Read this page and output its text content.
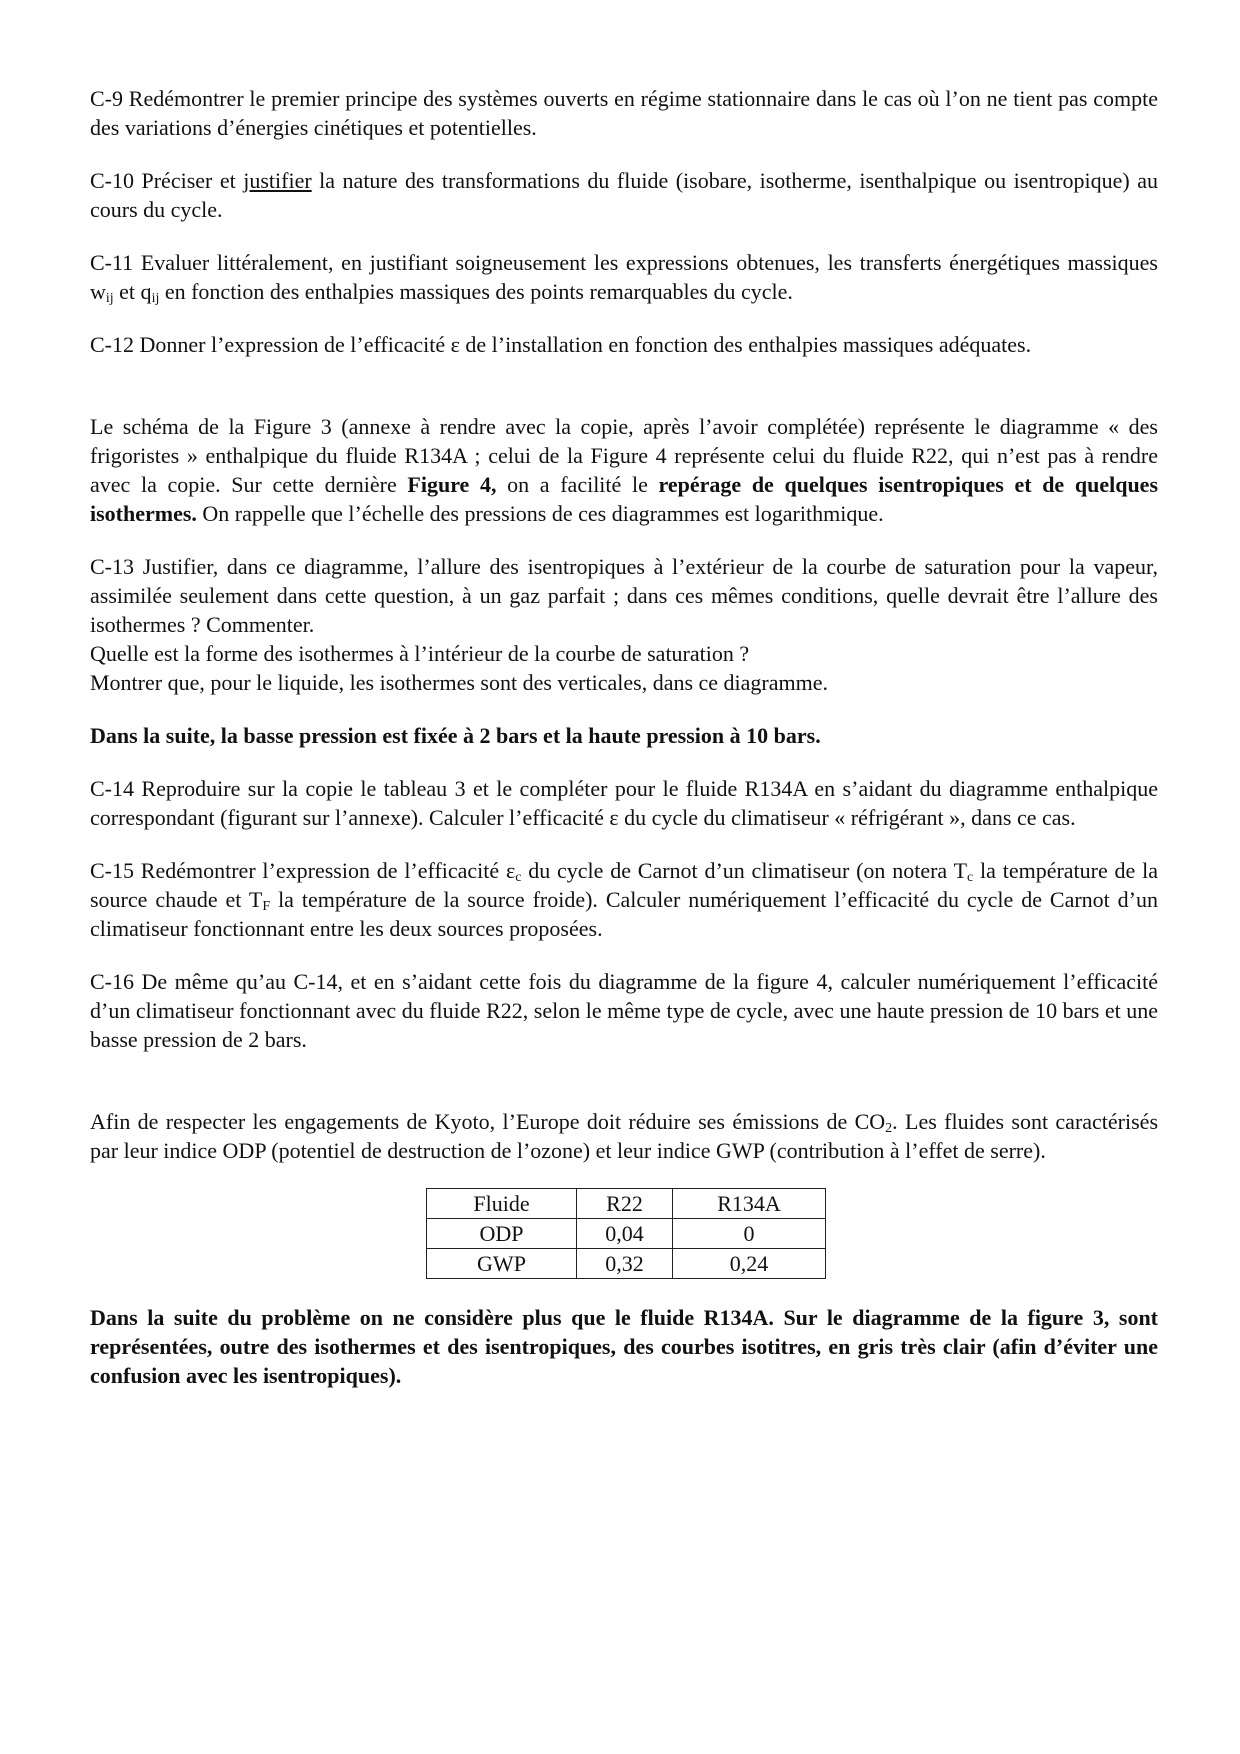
C-9 Redémontrer le premier principe des systèmes ouverts en régime stationnaire dans le cas où l’on ne tient pas compte des variations d’énergies cinétiques et potentielles.

C-10 Préciser et justifier la nature des transformations du fluide (isobare, isotherme, isenthalpique ou isentropique) au cours du cycle.

C-11 Evaluer littéralement, en justifiant soigneusement les expressions obtenues, les transferts énergétiques massiques $w_{ij}$ et $q_{ij}$ en fonction des enthalpies massiques des points remarquables du cycle.

C-12 Donner l’expression de l’efficacité ε de l’installation en fonction des enthalpies massiques adéquates.

Le schéma de la Figure 3 (annexe à rendre avec la copie, après l’avoir complétée) représente le diagramme « des frigoristes » enthalpique du fluide R134A ; celui de la Figure 4 représente celui du fluide R22, qui n’est pas à rendre avec la copie. Sur cette dernière Figure 4, on a facilité le repérage de quelques isentropiques et de quelques isothermes. On rappelle que l’échelle des pressions de ces diagrammes est logarithmique.

C-13 Justifier, dans ce diagramme, l’allure des isentropiques à l’extérieur de la courbe de saturation pour la vapeur, assimilée seulement dans cette question, à un gaz parfait ; dans ces mêmes conditions, quelle devrait être l’allure des isothermes ? Commenter.

Quelle est la forme des isothermes à l’intérieur de la courbe de saturation ?

Montrer que, pour le liquide, les isothermes sont des verticales, dans ce diagramme.

Dans la suite, la basse pression est fixée à 2 bars et la haute pression à 10 bars.

C-14 Reproduire sur la copie le tableau 3 et le compléter pour le fluide R134A en s’aidant du diagramme enthalpique correspondant (figurant sur l’annexe). Calculer l’efficacité ε du cycle du climatiseur « réfrigérant », dans ce cas.

C-15 Redémontrer l’expression de l’efficacité $\varepsilon_c$ du cycle de Carnot d’un climatiseur (on notera $T_c$ la température de la source chaude et $T_F$ la température de la source froide). Calculer numériquement l’efficacité du cycle de Carnot d’un climatiseur fonctionnant entre les deux sources proposées.

C-16 De même qu’au C-14, et en s’aidant cette fois du diagramme de la figure 4, calculer numériquement l’efficacité d’un climatiseur fonctionnant avec du fluide R22, selon le même type de cycle, avec une haute pression de 10 bars et une basse pression de 2 bars.

Afin de respecter les engagements de Kyoto, l’Europe doit réduire ses émissions de $CO_2$. Les fluides sont caractérisés par leur indice ODP (potentiel de destruction de l’ozone) et leur indice GWP (contribution à l’effet de serre).

Fluide	R22	R134A
ODP	0,04	0
GWP	0,32	0,24

Dans la suite du problème on ne considère plus que le fluide R134A. Sur le diagramme de la figure 3, sont représentées, outre des isothermes et des isentropiques, des courbes isotitres, en gris très clair (afin d’éviter une confusion avec les isentropiques).
